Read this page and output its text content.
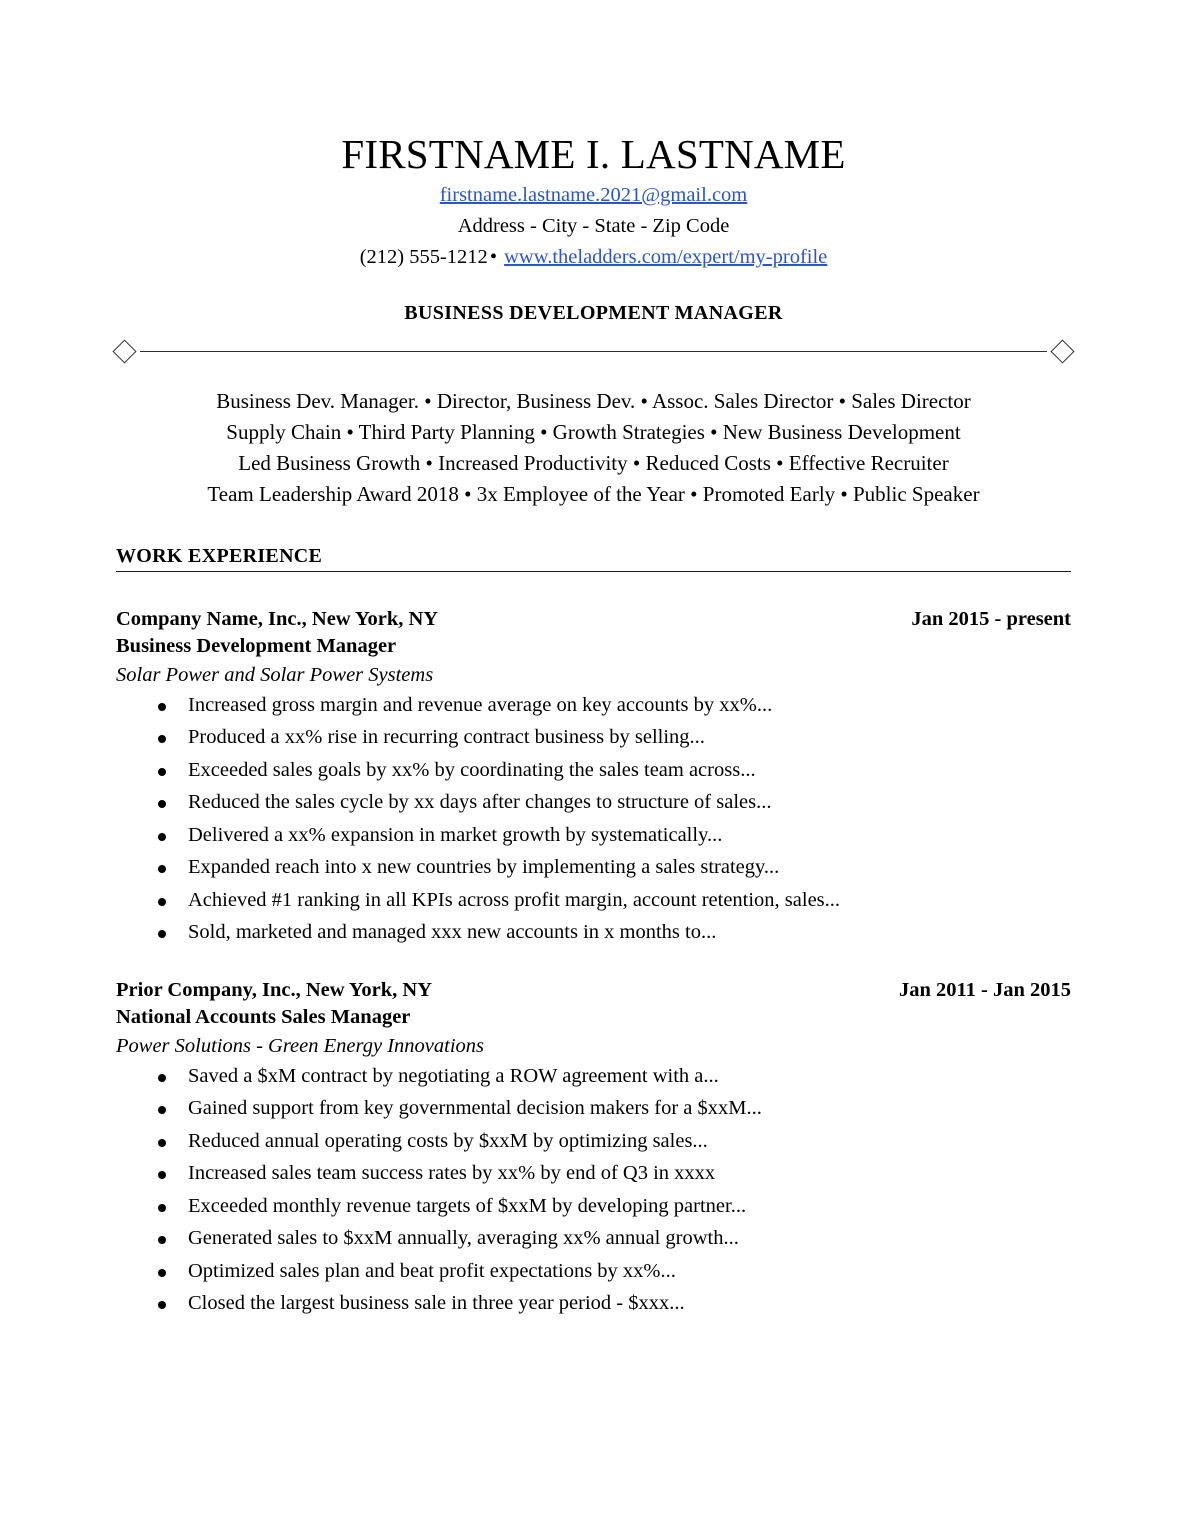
FIRSTNAME I. LASTNAME

firstname.lastname.2021@gmail.com

Address - City - State - Zip Code

(212) 555-1212• www.theladders.com/expert/my-profile

BUSINESS DEVELOPMENT MANAGER

Business Dev. Manager. • Director, Business Dev. • Assoc. Sales Director • Sales Director

Supply Chain • Third Party Planning • Growth Strategies • New Business Development

Led Business Growth • Increased Productivity • Reduced Costs • Effective Recruiter

Team Leadership Award 2018 • 3x Employee of the Year • Promoted Early • Public Speaker

WORK EXPERIENCE
Company Name, Inc., New York, NY	Jan 2015 - present
Business Development Manager
Solar Power and Solar Power Systems
Increased gross margin and revenue average on key accounts by xx%...
Produced a xx% rise in recurring contract business by selling...
Exceeded sales goals by xx% by coordinating the sales team across...
Reduced the sales cycle by xx days after changes to structure of sales...
Delivered a xx% expansion in market growth by systematically...
Expanded reach into x new countries by implementing a sales strategy...
Achieved #1 ranking in all KPIs across profit margin, account retention, sales...
Sold, marketed and managed xxx new accounts in x months to...
Prior Company, Inc., New York, NY	Jan 2011 - Jan 2015
National Accounts Sales Manager
Power Solutions - Green Energy Innovations
Saved a $xM contract by negotiating a ROW agreement with a...
Gained support from key governmental decision makers for a $xxM...
Reduced annual operating costs by $xxM by optimizing sales...
Increased sales team success rates by xx% by end of Q3 in xxxx
Exceeded monthly revenue targets of $xxM by developing partner...
Generated sales to $xxM annually, averaging xx% annual growth...
Optimized sales plan and beat profit expectations by xx%...
Closed the largest business sale in three year period - $xxx...
